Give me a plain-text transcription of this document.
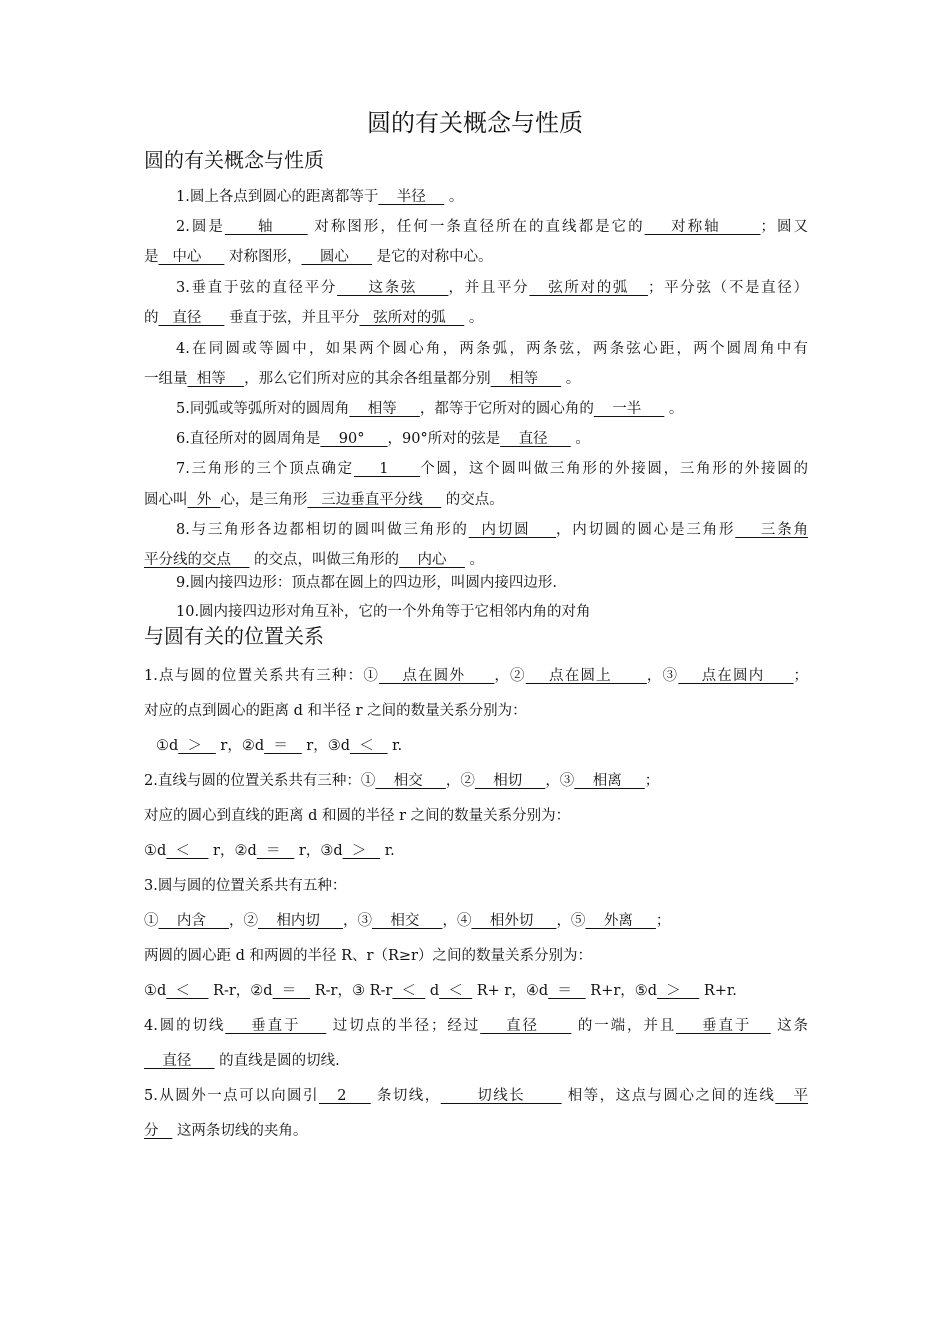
圆的有关概念与性质
圆的有关概念与性质
1.圆上各点到圆心的距离都等于    半径     。
2.圆是     轴      对称图形，任何一条直径所在的直线都是它的    对称轴      ；圆又
是   中心      对称图形，    圆心      是它的对称中心。
3.垂直于弦的直径平分     这条弦     ，并且平分   弦所对的弧   ；平分弦（不是直径）
的   直径      垂直于弦，并且平分   弦所对的弧     。
4.在同圆或等圆中，如果两个圆心角，两条弧，两条弦，两条弦心距，两个圆周角中有
一组量  相等    ，那么它们所对应的其余各组量都分别    相等      。
5.同弧或等弧所对的圆周角    相等     ，都等于它所对的圆心角的    一半      。
6.直径所对的圆周角是    90°     ，90°所对的弦是    直径      。
7.三角形的三个顶点确定    1     个圆，这个圆叫做三角形的外接圆，三角形的外接圆的
圆心叫  外  心，是三角形   三边垂直平分线     的交点。
8.与三角形各边都相切的圆叫做三角形的  内切圆    ，内切圆的圆心是三角形    三条角
平分线的交点     的交点，叫做三角形的    内心     。
9.圆内接四边形：顶点都在圆上的四边形，叫圆内接四边形.
10.圆内接四边形对角互补，它的一个外角等于它相邻内角的对角
与圆有关的位置关系
1.点与圆的位置关系共有三种：①    点在圆外     ，②    点在圆上      ，③    点在圆内     ；
对应的点到圆心的距离 d 和半径 r 之间的数量关系分别为：
①d  ＞    r，②d  ＝    r，③d  ＜    r.
2.直线与圆的位置关系共有三种：①    相交     ，②    相切     ，③    相离     ；
对应的圆心到直线的距离 d 和圆的半径 r 之间的数量关系分别为：
①d  ＜     r，②d  ＝    r，③d  ＞    r.
3.圆与圆的位置关系共有五种：
①    内含     ，②    相内切     ，③    相交     ，④    相外切     ，⑤    外离     ；
两圆的圆心距 d 和两圆的半径 R、r（R≥r）之间的数量关系分别为：
①d  ＜     R-r，②d  ＝    R-r，③ R-r  ＜   d  ＜   R+ r，④d  ＝    R+r，⑤d  ＞     R+r.
4.圆的切线    垂直于     过切点的半径；经过    直径      的一端，并且    垂直于    这条
直径      的直线是圆的切线.
5.从圆外一点可以向圆引   2     条切线，      切线长       相等，这点与圆心之间的连线   平
分    这两条切线的夹角。
